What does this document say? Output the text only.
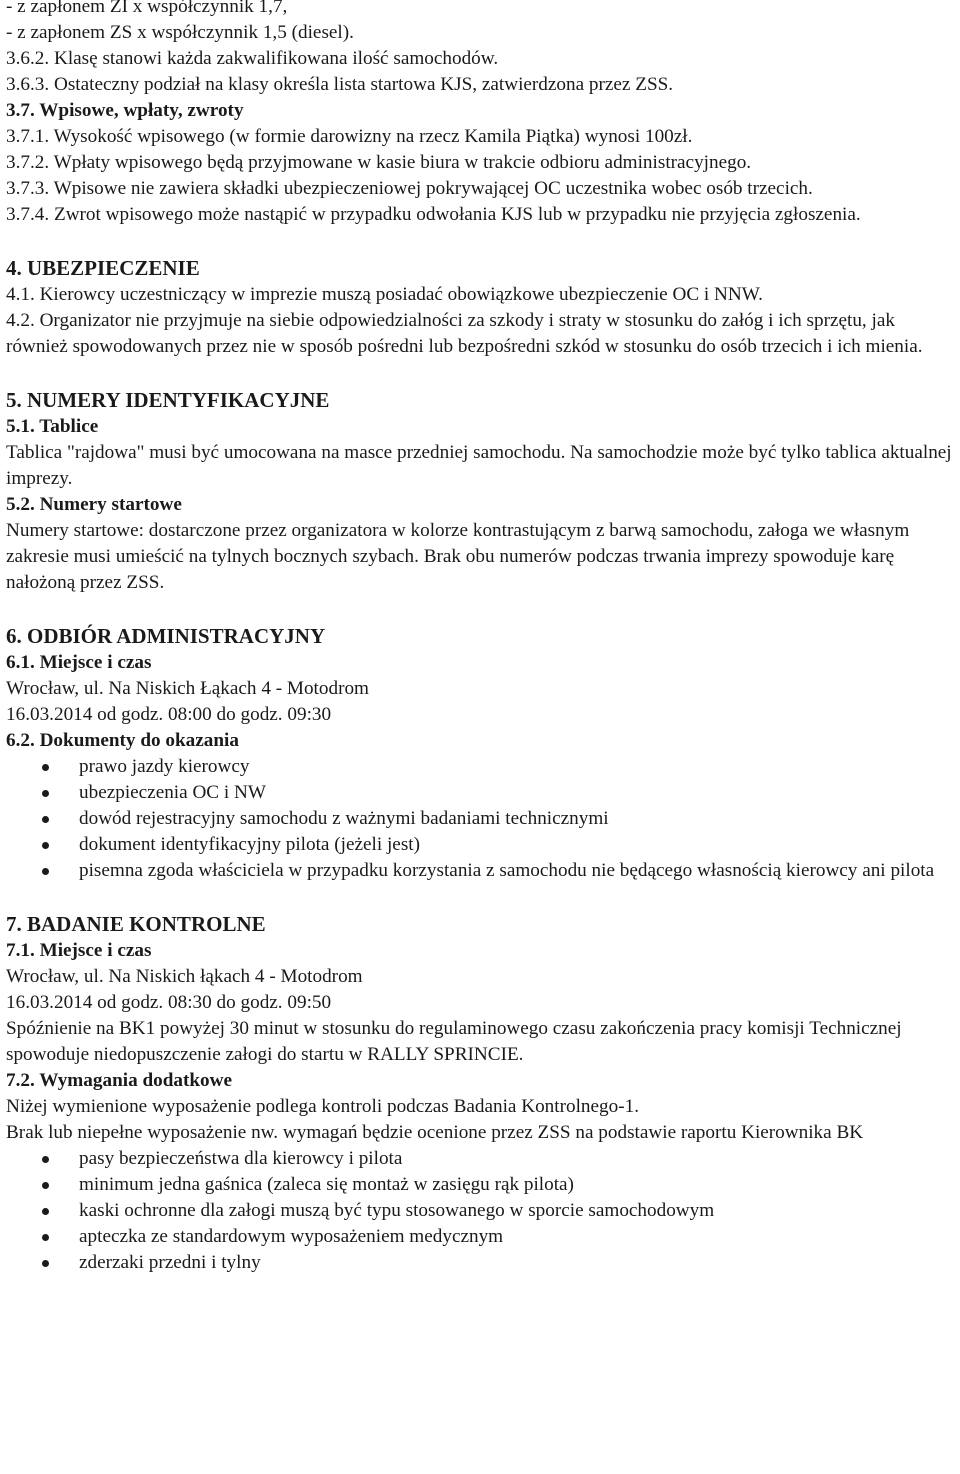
- z zapłonem ZI x współczynnik 1,7,

- z zapłonem ZS x współczynnik 1,5 (diesel).

3.6.2. Klasę stanowi każda zakwalifikowana ilość samochodów.

3.6.3. Ostateczny podział na klasy określa lista startowa KJS, zatwierdzona przez ZSS.

3.7. Wpisowe, wpłaty, zwroty

3.7.1. Wysokość wpisowego (w formie darowizny na rzecz Kamila Piątka) wynosi 100zł.

3.7.2. Wpłaty wpisowego będą przyjmowane w kasie biura w trakcie odbioru administracyjnego.

3.7.3. Wpisowe nie zawiera składki ubezpieczeniowej pokrywającej OC uczestnika wobec osób trzecich.

3.7.4. Zwrot wpisowego może nastąpić w przypadku odwołania KJS lub w przypadku nie przyjęcia zgłoszenia.

4. UBEZPIECZENIE

4.1. Kierowcy uczestniczący w imprezie muszą posiadać obowiązkowe ubezpieczenie OC i NNW.

4.2. Organizator nie przyjmuje na siebie odpowiedzialności za szkody i straty w stosunku do załóg i ich sprzętu, jak również spowodowanych przez nie w sposób pośredni lub bezpośredni szkód w stosunku do osób trzecich i ich mienia.

5. NUMERY IDENTYFIKACYJNE

5.1. Tablice

Tablica "rajdowa" musi być umocowana na masce przedniej samochodu. Na samochodzie może być tylko tablica aktualnej imprezy.

5.2. Numery startowe

Numery startowe: dostarczone przez organizatora w kolorze kontrastującym z barwą samochodu, załoga we własnym zakresie musi umieścić na tylnych bocznych szybach. Brak obu numerów podczas trwania imprezy spowoduje karę nałożoną przez ZSS.

6. ODBIÓR ADMINISTRACYJNY

6.1. Miejsce i czas

Wrocław, ul. Na Niskich Łąkach 4 - Motodrom

16.03.2014 od godz. 08:00 do godz. 09:30

6.2. Dokumenty do okazania

prawo jazdy kierowcy
ubezpieczenia OC i NW
dowód rejestracyjny samochodu z ważnymi badaniami technicznymi
dokument identyfikacyjny pilota (jeżeli jest)
pisemna zgoda właściciela w przypadku korzystania z samochodu nie będącego własnością kierowcy ani pilota

7. BADANIE KONTROLNE

7.1. Miejsce i czas

Wrocław, ul. Na Niskich łąkach 4 - Motodrom

16.03.2014 od godz. 08:30 do godz. 09:50

Spóźnienie na BK1 powyżej 30 minut w stosunku do regulaminowego czasu zakończenia pracy komisji Technicznej spowoduje niedopuszczenie załogi do startu w RALLY SPRINCIE.

7.2. Wymagania dodatkowe

Niżej wymienione wyposażenie podlega kontroli podczas Badania Kontrolnego-1.

Brak lub niepełne wyposażenie nw. wymagań będzie ocenione przez ZSS na podstawie raportu Kierownika BK

pasy bezpieczeństwa dla kierowcy i pilota
minimum jedna gaśnica (zaleca się montaż w zasięgu rąk pilota)
kaski ochronne dla załogi muszą być typu stosowanego w sporcie samochodowym
apteczka ze standardowym wyposażeniem medycznym
zderzaki przedni i tylny
